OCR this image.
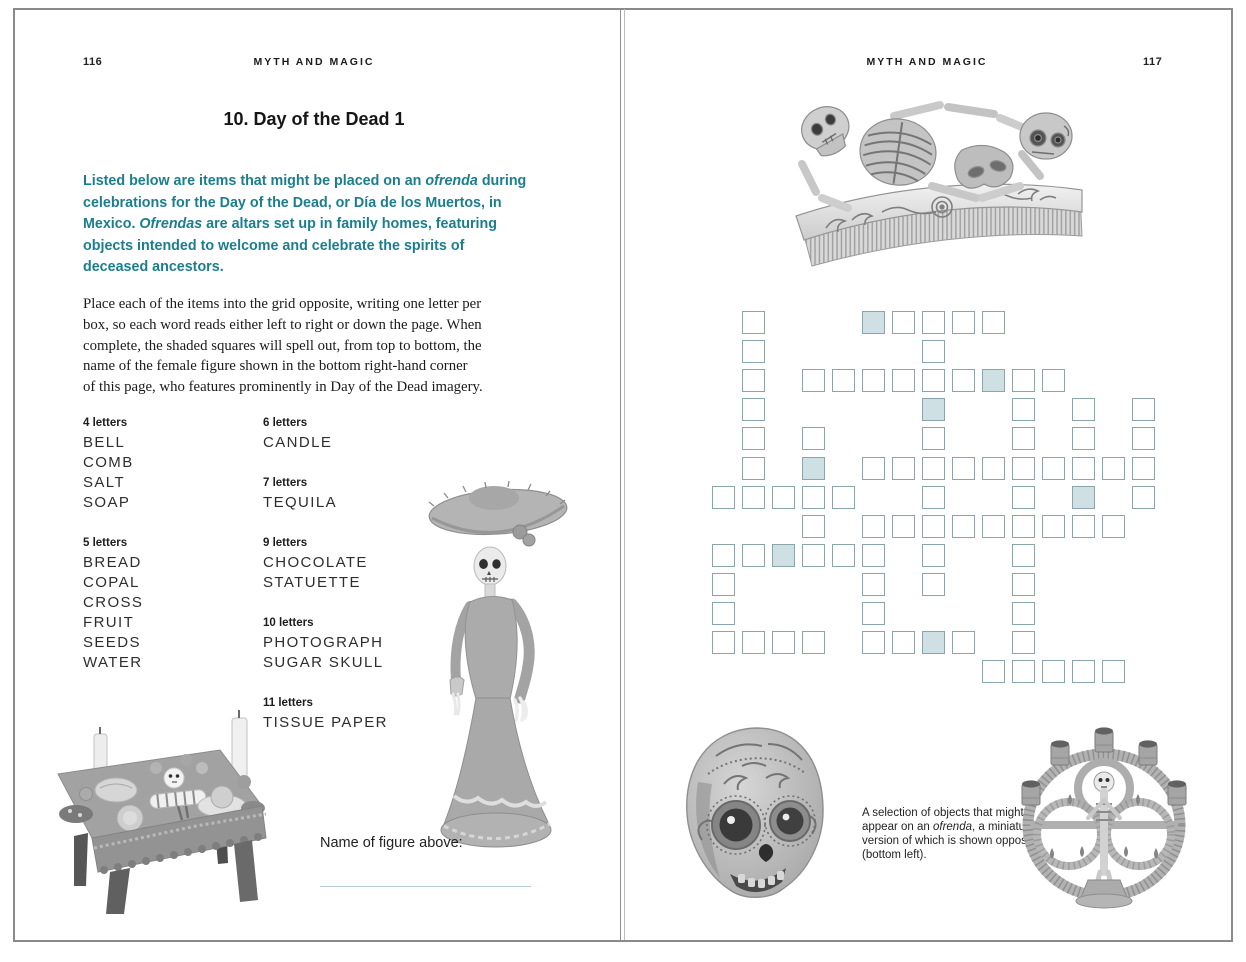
116	MYTH AND MAGIC
10. Day of the Dead 1

Listed below are items that might be placed on an ofrenda during
celebrations for the Day of the Dead, or Día de los Muertos, in
Mexico. Ofrendas are altars set up in family homes, featuring
objects intended to welcome and celebrate the spirits of
deceased ancestors.

Place each of the items into the grid opposite, writing one letter per
box, so each word reads either left to right or down the page. When
complete, the shaded squares will spell out, from top to bottom, the
name of the female figure shown in the bottom right-hand corner
of this page, who features prominently in Day of the Dead imagery.

4 letters
BELL
COMB
SALT
SOAP
5 letters
BREAD
COPAL
CROSS
FRUIT
SEEDS
WATER
6 letters
CANDLE
7 letters
TEQUILA
9 letters
CHOCOLATE
STATUETTE
10 letters
PHOTOGRAPH
SUGAR SKULL
11 letters
TISSUE PAPER
Name of figure above:
MYTH AND MAGIC	117
A selection of objects that might
appear on an ofrenda, a miniature
version of which is shown opposite
(bottom left).
